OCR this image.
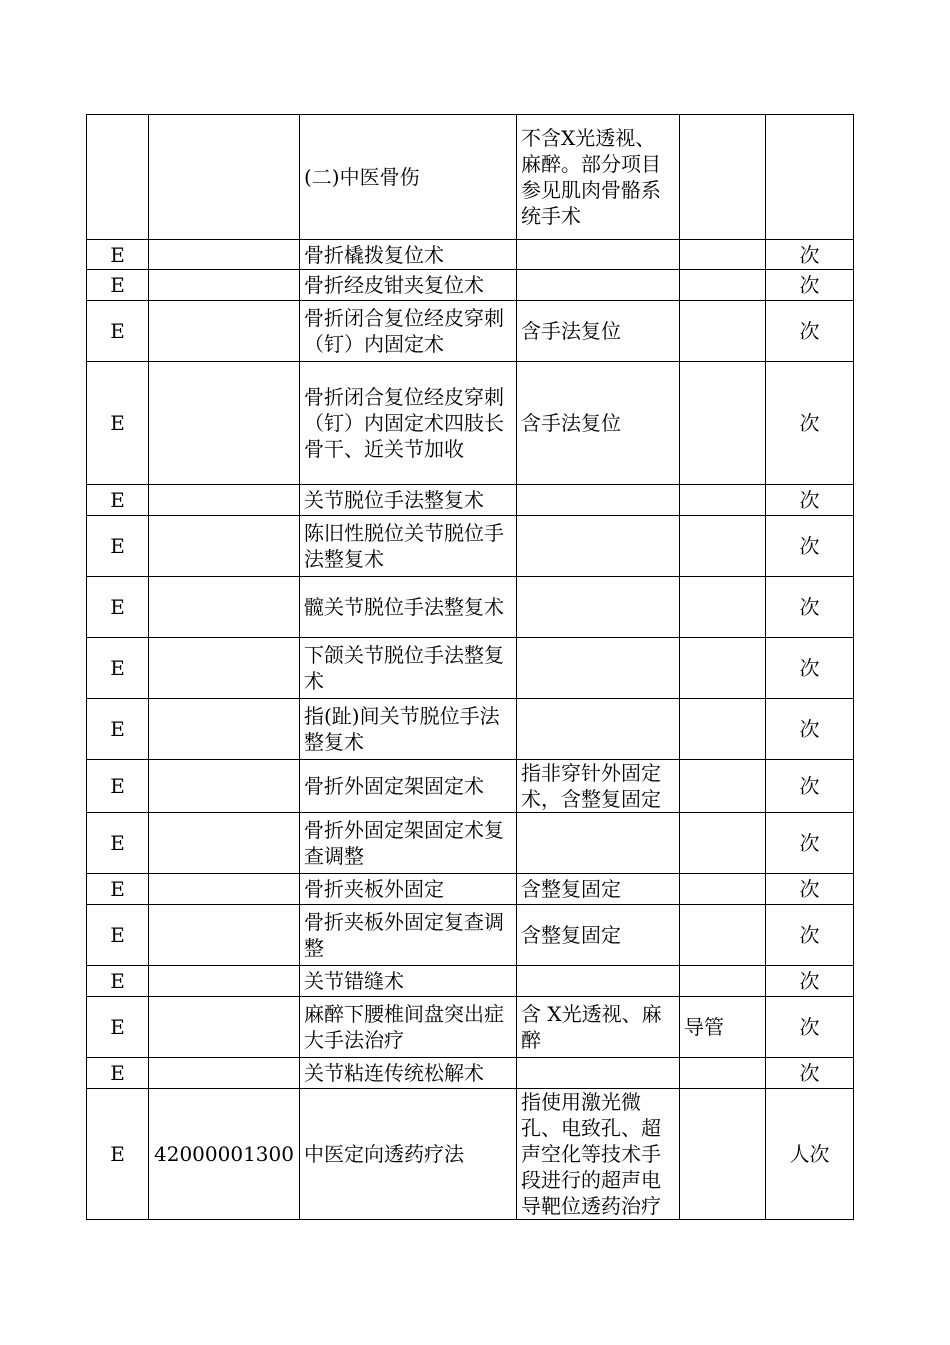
		(二)中医骨伤	不含X光透视、麻醉。部分项目参见肌肉骨骼系统手术		
E		骨折橇拨复位术			次
E		骨折经皮钳夹复位术			次
E		骨折闭合复位经皮穿刺（钉）内固定术	含手法复位		次
E		骨折闭合复位经皮穿刺（钉）内固定术四肢长骨干、近关节加收	含手法复位		次
E		关节脱位手法整复术			次
E		陈旧性脱位关节脱位手法整复术			次
E		髋关节脱位手法整复术			次
E		下颌关节脱位手法整复术			次
E		指(趾)间关节脱位手法整复术			次
E		骨折外固定架固定术	指非穿针外固定术，含整复固定		次
E		骨折外固定架固定术复查调整			次
E		骨折夹板外固定	含整复固定		次
E		骨折夹板外固定复查调整	含整复固定		次
E		关节错缝术			次
E		麻醉下腰椎间盘突出症大手法治疗	含 X光透视、麻醉	导管	次
E		关节粘连传统松解术			次
E	42000001300	中医定向透药疗法	指使用激光微孔、电致孔、超声空化等技术手段进行的超声电导靶位透药治疗		人次
